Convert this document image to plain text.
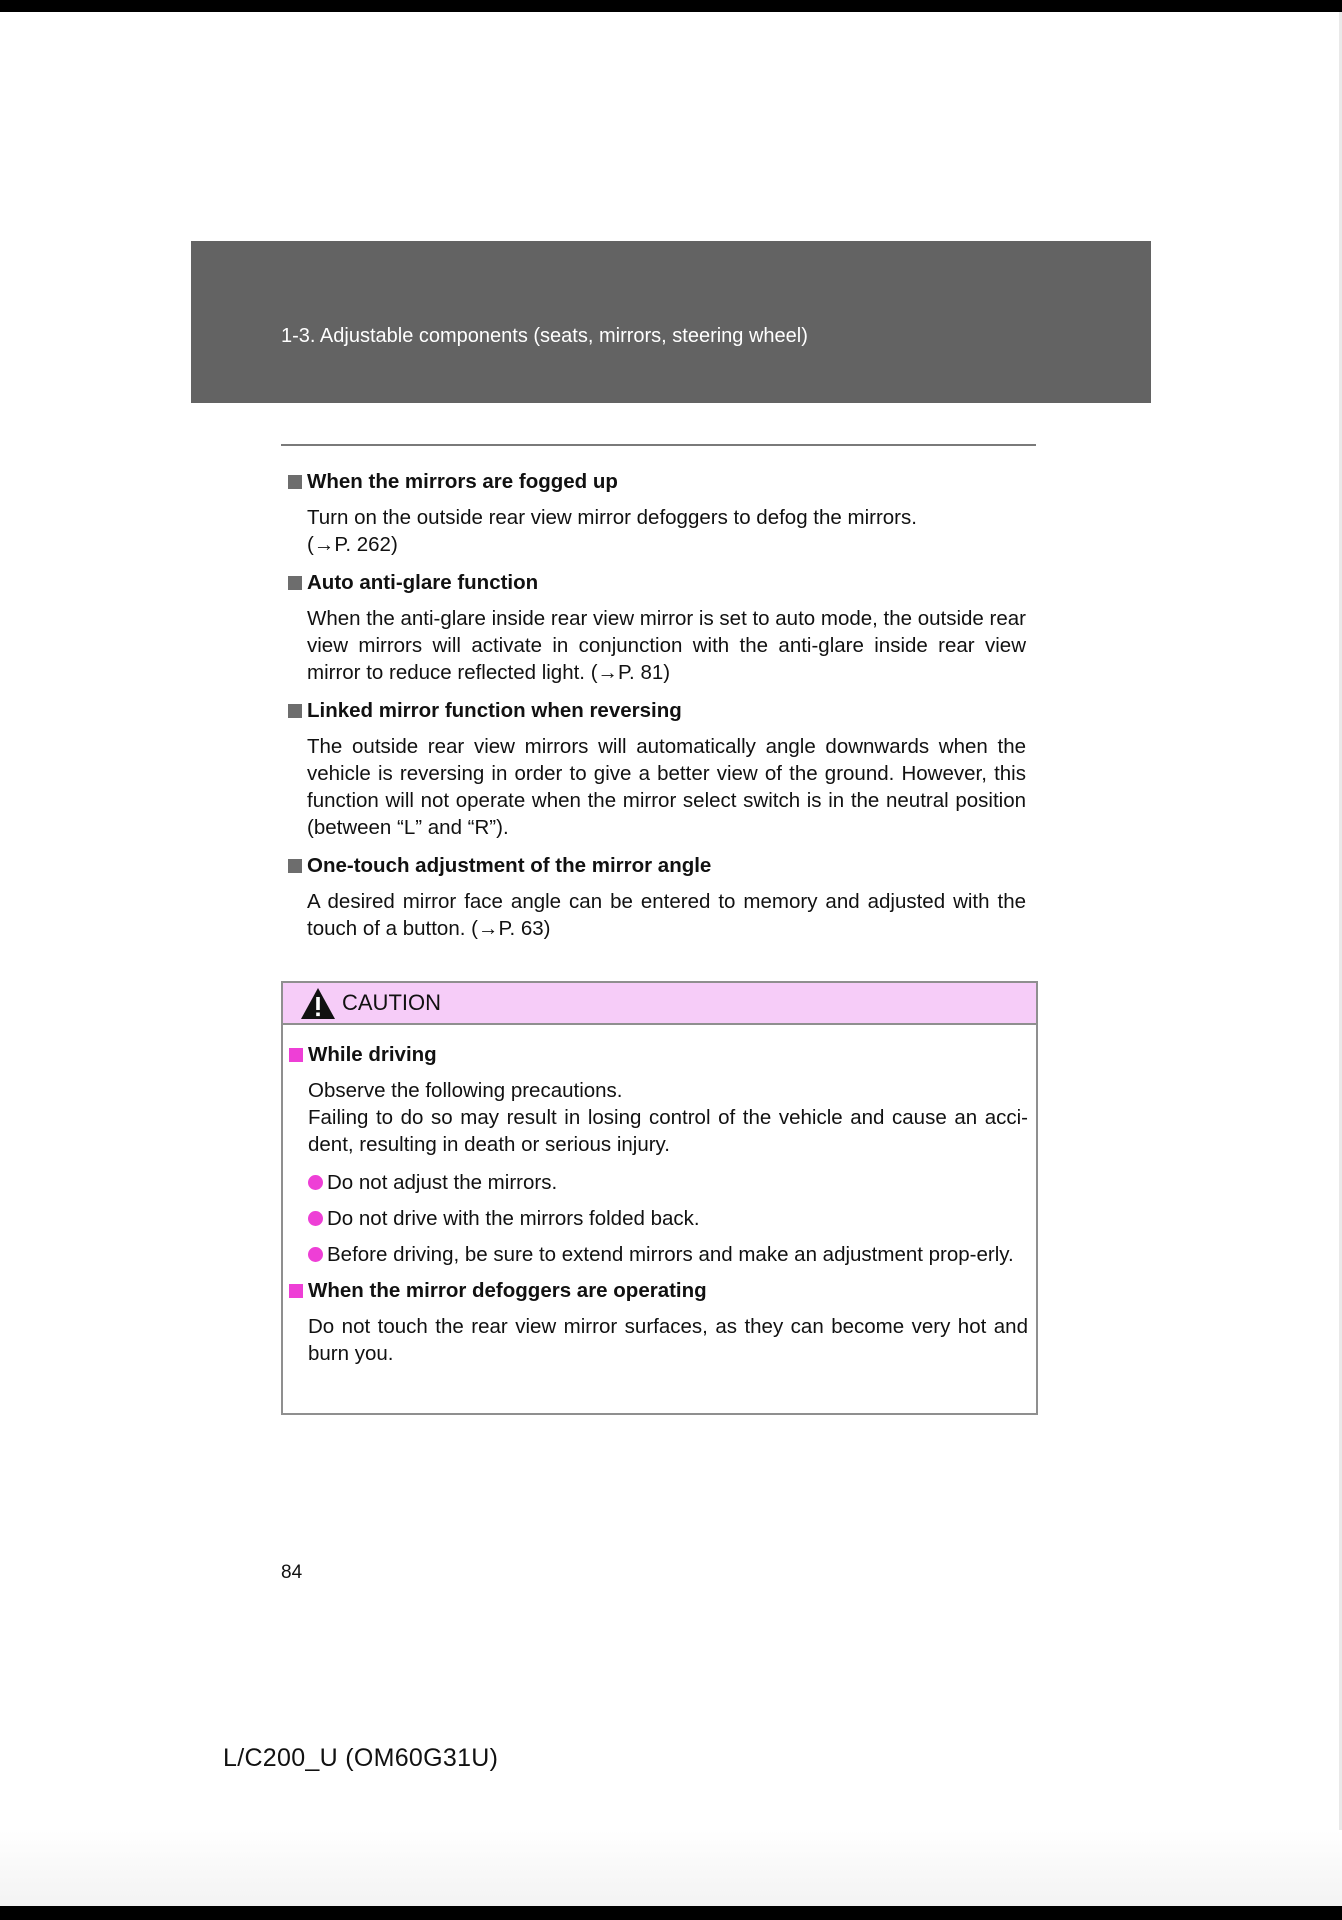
1-3. Adjustable components (seats, mirrors, steering wheel)
When the mirrors are fogged up
Turn on the outside rear view mirror defoggers to defog the mirrors.
(→P. 262)
Auto anti-glare function
When the anti-glare inside rear view mirror is set to auto mode, the outside rear view mirrors will activate in conjunction with the anti-glare inside rear view mirror to reduce reflected light. (→P. 81)
Linked mirror function when reversing
The outside rear view mirrors will automatically angle downwards when the vehicle is reversing in order to give a better view of the ground. However, this function will not operate when the mirror select switch is in the neutral position (between “L” and “R”).
One-touch adjustment of the mirror angle
A desired mirror face angle can be entered to memory and adjusted with the touch of a button. (→P. 63)
CAUTION
While driving
Observe the following precautions.
Failing to do so may result in losing control of the vehicle and cause an acci-dent, resulting in death or serious injury.
Do not adjust the mirrors.
Do not drive with the mirrors folded back.
Before driving, be sure to extend mirrors and make an adjustment prop-erly.
When the mirror defoggers are operating
Do not touch the rear view mirror surfaces, as they can become very hot and burn you.
84
L/C200_U (OM60G31U)
